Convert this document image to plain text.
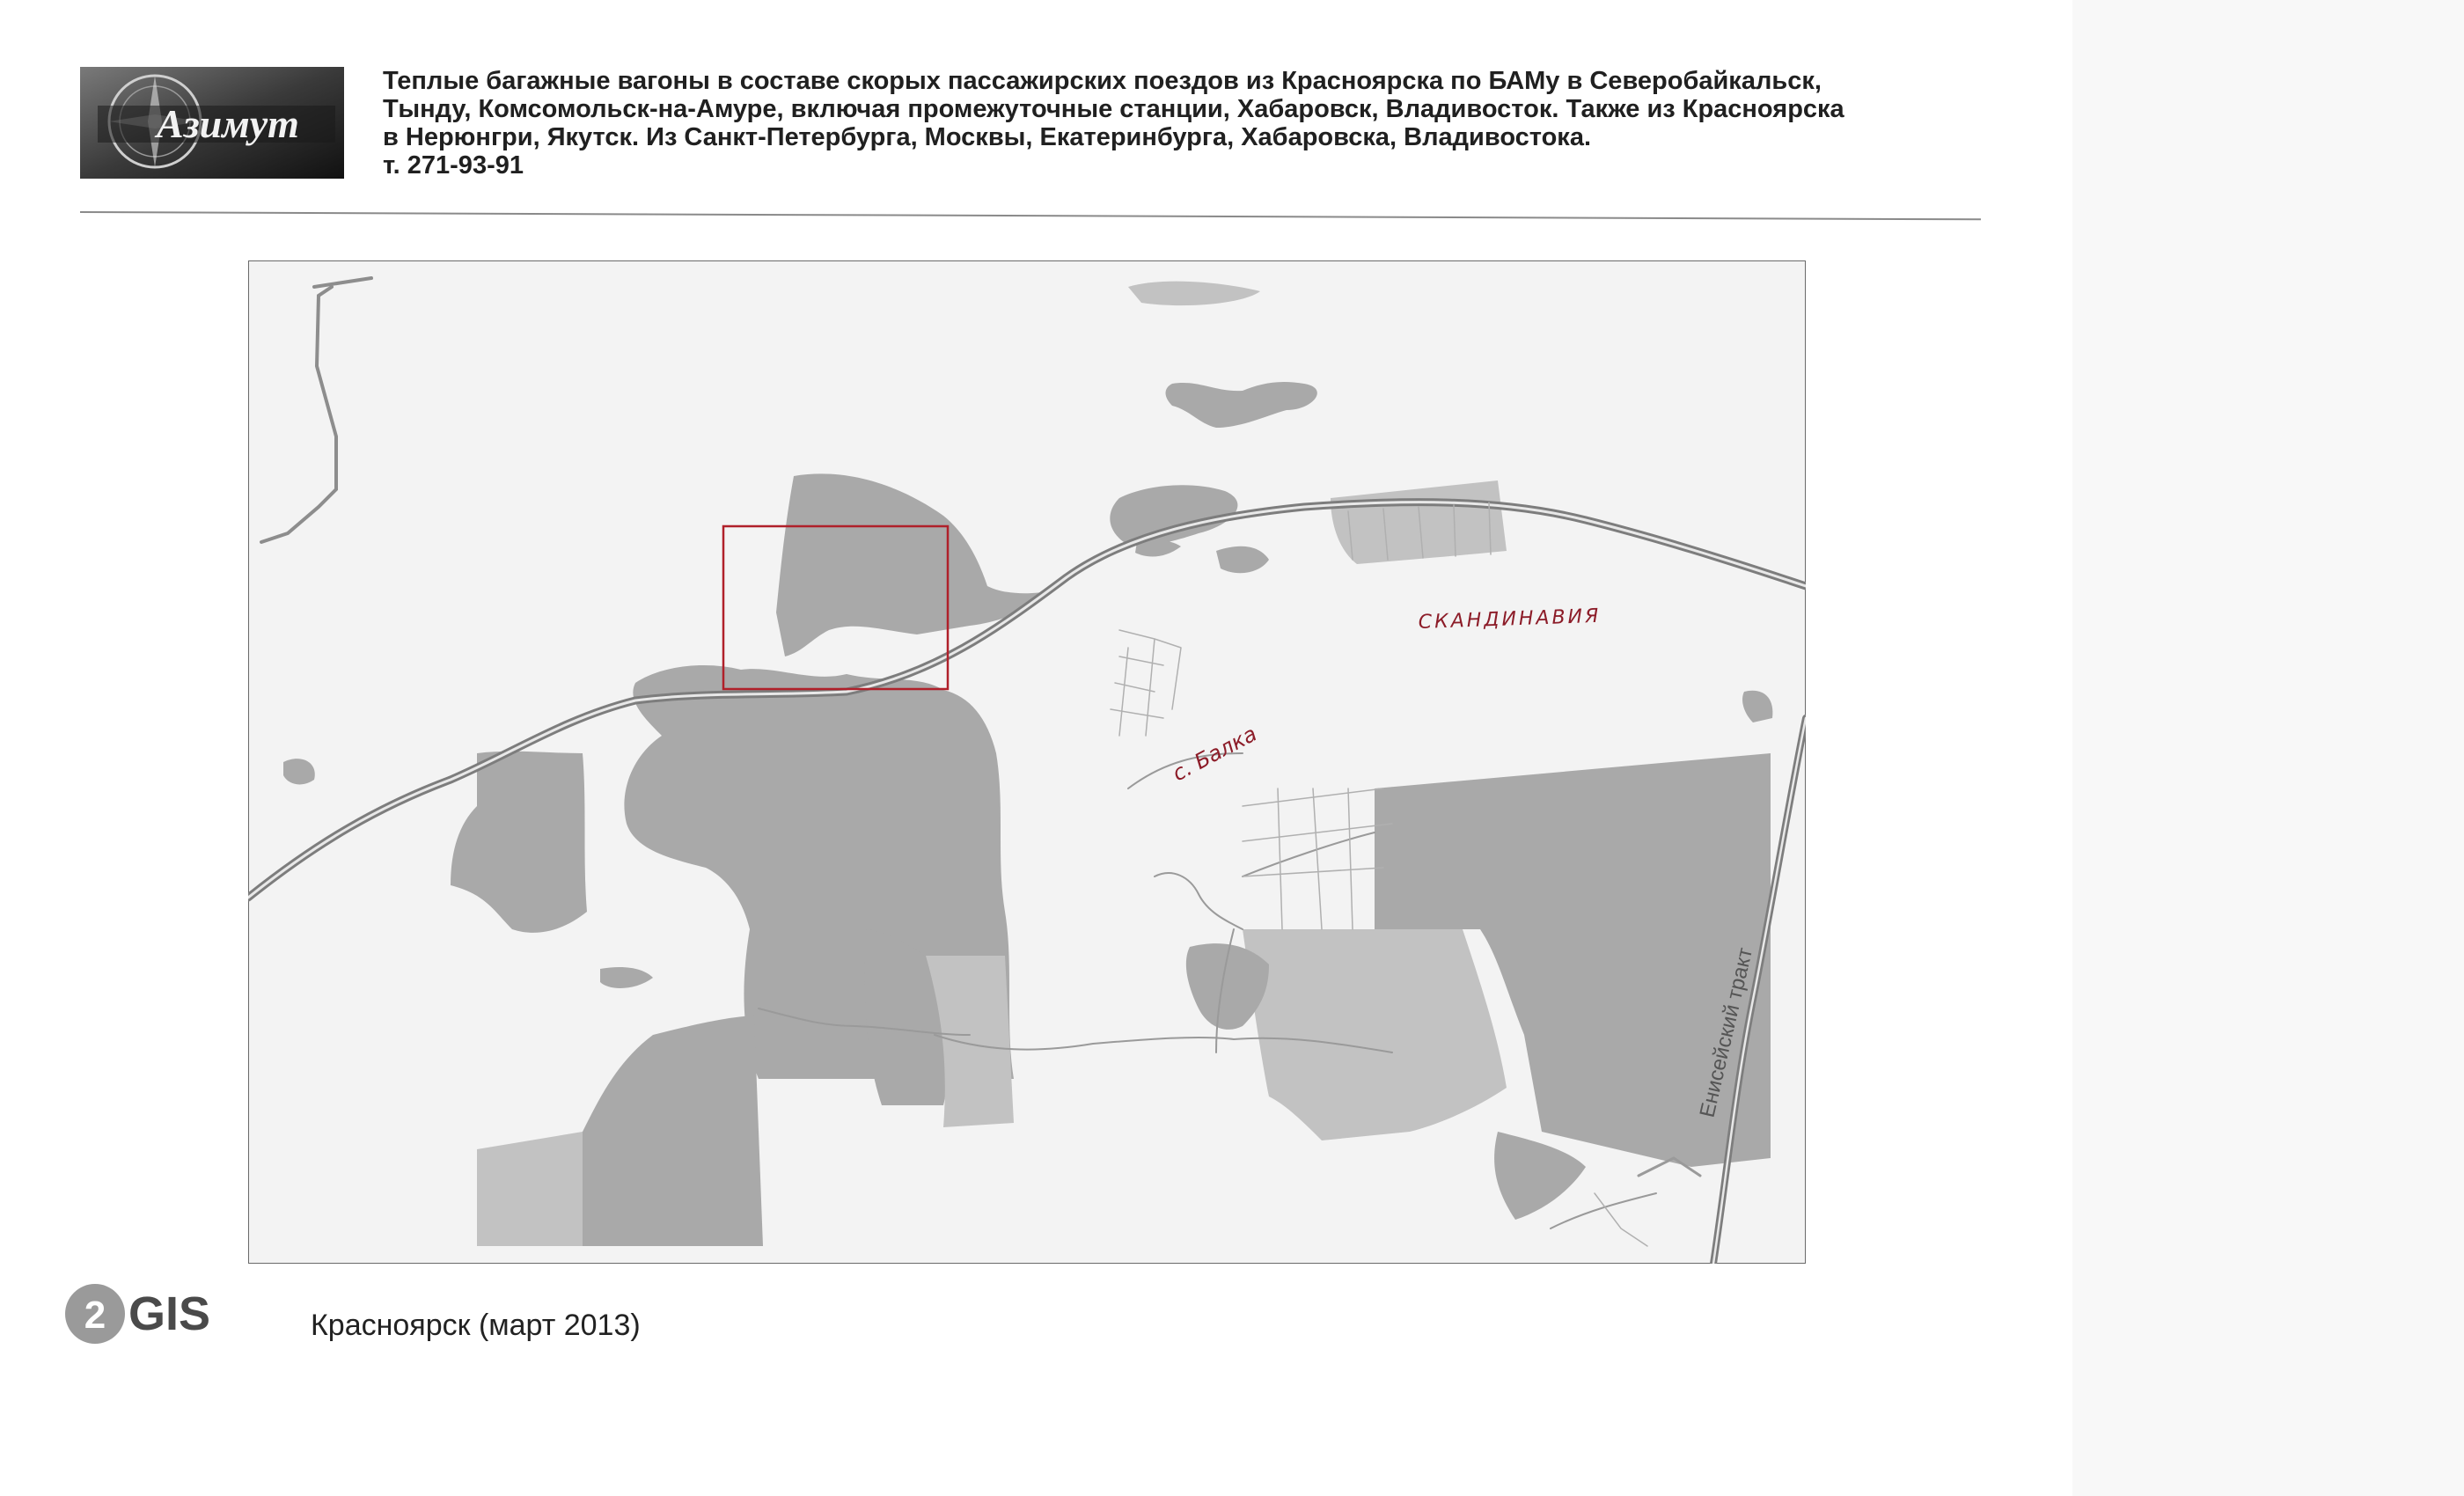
Азимут
Теплые багажные вагоны в составе скорых пассажирских поездов из Красноярска по БАМу в Северобайкальск,
Тынду, Комсомольск-на-Амуре, включая промежуточные станции, Хабаровск, Владивосток. Также из Красноярска
в Нерюнгри, Якутск. Из Санкт-Петербурга, Москвы, Екатеринбурга, Хабаровска, Владивостока.
т. 271-93-91
Енисейский тракт
СКАНДИНАВИЯ
с. Балка
2 GIS	Красноярск (март 2013)
